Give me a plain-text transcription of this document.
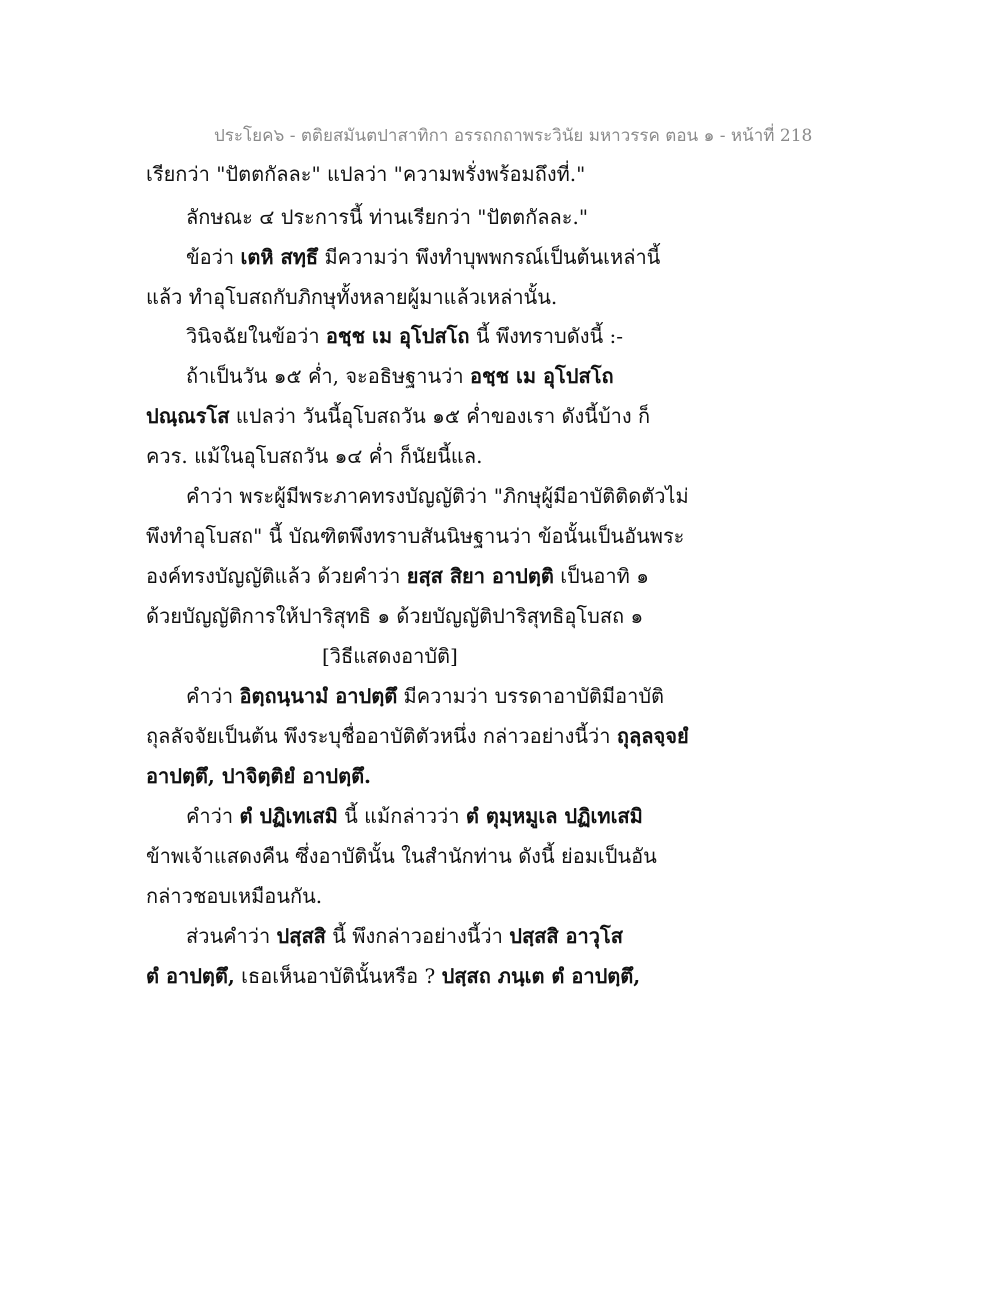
ประโยค๖ - ตติยสมันตปาสาทิกา อรรถกถาพระวินัย มหาวรรค ตอน ๑ - หน้าที่ 218
เรียกว่า "ปัตตกัลละ" แปลว่า "ความพรั่งพร้อมถึงที่."
ลักษณะ ๔ ประการนี้ ท่านเรียกว่า "ปัตตกัลละ."
ข้อว่า เตหิ สทฺธึ มีความว่า พึงทำบุพพกรณ์เป็นต้นเหล่านี้
แล้ว ทำอุโบสถกับภิกษุทั้งหลายผู้มาแล้วเหล่านั้น.
วินิจฉัยในข้อว่า อชฺช เม อุโปสโถ นี้ พึงทราบดังนี้ :-
ถ้าเป็นวัน ๑๕ ค่ำ, จะอธิษฐานว่า อชฺช เม อุโปสโถ
ปณฺณรโส แปลว่า วันนี้อุโบสถวัน ๑๕ ค่ำของเรา ดังนี้บ้าง ก็
ควร. แม้ในอุโบสถวัน ๑๔ ค่ำ ก็นัยนี้แล.
คำว่า พระผู้มีพระภาคทรงบัญญัติว่า "ภิกษุผู้มีอาบัติติดตัวไม่
พึงทำอุโบสถ" นี้ บัณฑิตพึงทราบสันนิษฐานว่า ข้อนั้นเป็นอันพระ
องค์ทรงบัญญัติแล้ว ด้วยคำว่า ยสฺส สิยา อาปตฺติ เป็นอาทิ ๑
ด้วยบัญญัติการให้ปาริสุทธิ ๑ ด้วยบัญญัติปาริสุทธิอุโบสถ ๑
[วิธีแสดงอาบัติ]
คำว่า อิตฺถนฺนามํ อาปตฺตึ มีความว่า บรรดาอาบัติมีอาบัติ
ถุลลัจจัยเป็นต้น พึงระบุชื่ออาบัติตัวหนึ่ง กล่าวอย่างนี้ว่า ถุลฺลจฺจยํ
อาปตฺตึ, ปาจิตฺติยํ อาปตฺตึ.
คำว่า ตํ ปฏิเทเสมิ นี้ แม้กล่าวว่า ตํ ตุมฺหมูเล ปฏิเทเสมิ
ข้าพเจ้าแสดงคืน ซึ่งอาบัตินั้น ในสำนักท่าน ดังนี้ ย่อมเป็นอัน
กล่าวชอบเหมือนกัน.
ส่วนคำว่า ปสฺสสิ นี้ พึงกล่าวอย่างนี้ว่า ปสฺสสิ อาวุโส
ตํ อาปตฺตึ, เธอเห็นอาบัตินั้นหรือ ? ปสฺสถ ภนฺเต ตํ อาปตฺตึ,
